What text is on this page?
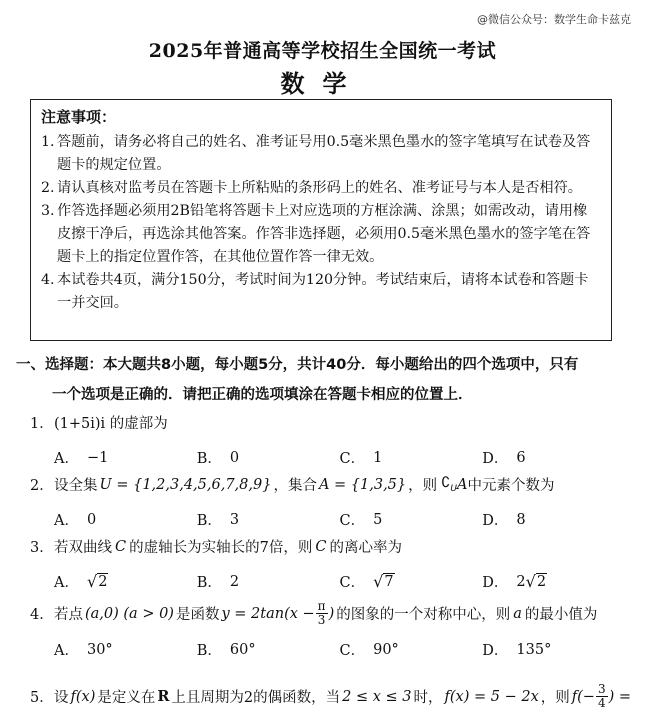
@微信公众号：数学生命卡兹克
2025年普通高等学校招生全国统一考试
数学
注意事项：
1. 答题前，请务必将自己的姓名、准考证号用0.5毫米黑色墨水的签字笔填写在试卷及答题卡的规定位置。
2. 请认真核对监考员在答题卡上所粘贴的条形码上的姓名、准考证号与本人是否相符。
3. 作答选择题必须用2B铅笔将答题卡上对应选项的方框涂满、涂黑；如需改动，请用橡皮擦干净后，再选涂其他答案。作答非选择题，必须用0.5毫米黑色墨水的签字笔在答题卡上的指定位置作答，在其他位置作答一律无效。
4. 本试卷共4页，满分150分，考试时间为120分钟。考试结束后，请将本试卷和答题卡一并交回。
一、选择题：本大题共8小题，每小题5分，共计40分．每小题给出的四个选项中，只有
一个选项是正确的．请把正确的选项填涂在答题卡相应的位置上．
1． (1+5i)i 的虚部为
A． −1	B． 0	C． 1	D． 6
2． 设全集 U = {1,2,3,4,5,6,7,8,9} ，集合 A = {1,3,5} ，则 $∁_U$ A 中元素个数为
A． 0	B． 3	C． 5	D． 8
3． 若双曲线 C 的虚轴长为实轴长的7倍，则 C 的离心率为
A． √ 2	B． 2	C． √ 7	D． 2 √ 2
4． 若点 (a,0) (a > 0) 是函数 $y = 2\tan(x - \frac{\pi}{3}$ ) 的图象的一个对称中心，则 a 的最小值为
A． 30°	B． 60°	C． 90°	D． 135°
5． 设 f(x) 是定义在 R 上且周期为2的偶函数，当 2 ≤ x ≤ 3 时， f(x) = 5 − 2x ，则 $f(- \frac{3}{4}$ ) =
